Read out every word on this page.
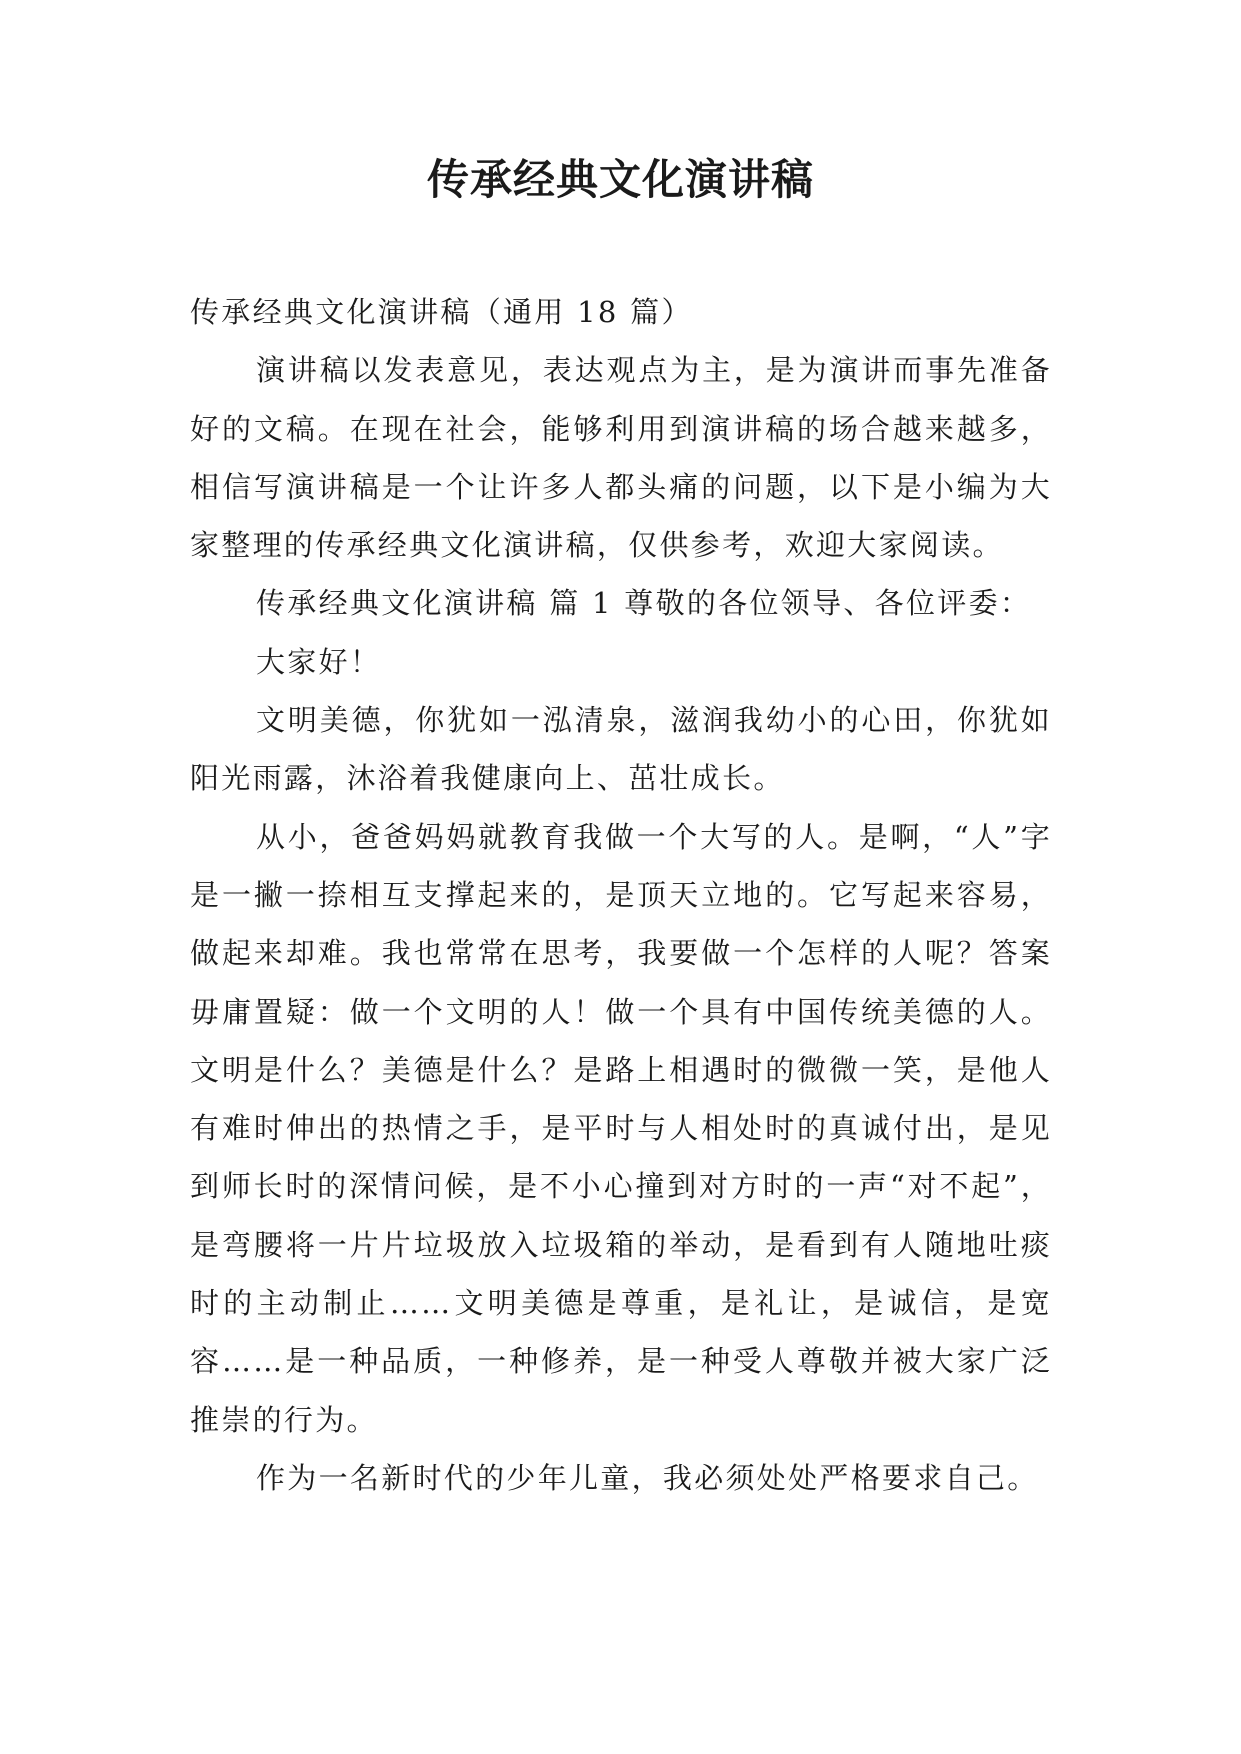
传承经典文化演讲稿

传承经典文化演讲稿（通用 18 篇）

演讲稿以发表意见，表达观点为主，是为演讲而事先准备好的文稿。在现在社会，能够利用到演讲稿的场合越来越多，相信写演讲稿是一个让许多人都头痛的问题，以下是小编为大家整理的传承经典文化演讲稿，仅供参考，欢迎大家阅读。

传承经典文化演讲稿 篇 1 尊敬的各位领导、各位评委：

大家好！

文明美德，你犹如一泓清泉，滋润我幼小的心田，你犹如阳光雨露，沐浴着我健康向上、茁壮成长。

从小，爸爸妈妈就教育我做一个大写的人。是啊，“人”字是一撇一捺相互支撑起来的，是顶天立地的。它写起来容易，做起来却难。我也常常在思考，我要做一个怎样的人呢？答案毋庸置疑：做一个文明的人！做一个具有中国传统美德的人。文明是什么？美德是什么？是路上相遇时的微微一笑，是他人有难时伸出的热情之手，是平时与人相处时的真诚付出，是见到师长时的深情问候，是不小心撞到对方时的一声“对不起”，是弯腰将一片片垃圾放入垃圾箱的举动，是看到有人随地吐痰时的主动制止……文明美德是尊重，是礼让，是诚信，是宽容……是一种品质，一种修养，是一种受人尊敬并被大家广泛推崇的行为。

作为一名新时代的少年儿童，我必须处处严格要求自己。
